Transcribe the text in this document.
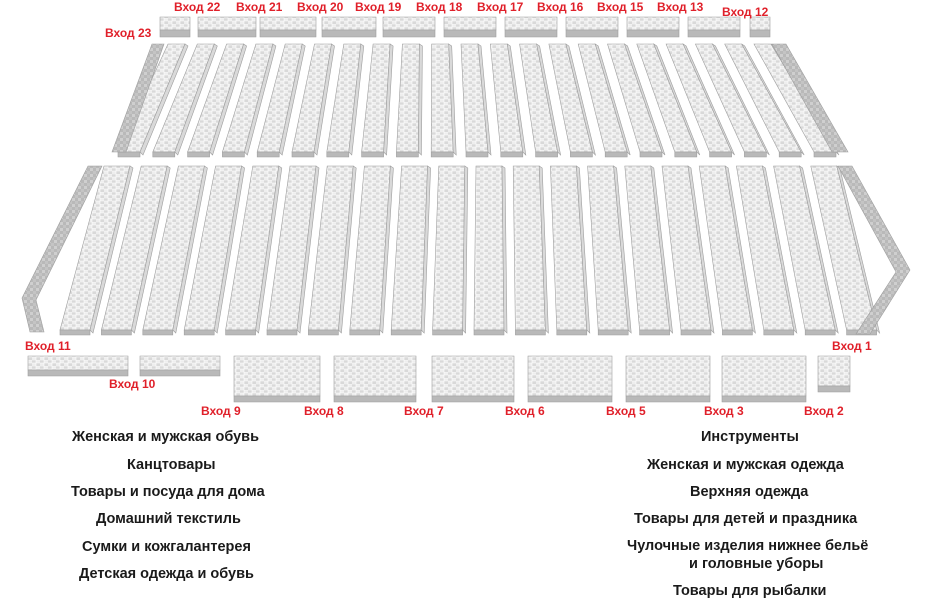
Вход 23
Вход 22 Вход 21 Вход 20 Вход 19 Вход 18 Вход 17 Вход 16 Вход 15 Вход 13 Вход 12
Вход 11
Вход 10
Вход 9	Вход 8	Вход 7	Вход 6	Вход 5	Вход 3	Вход 2
Вход 1
Женская и мужская обувь
Канцтовары
Товары и посуда для дома
Домашний текстиль
Сумки и кожгалантерея
Детская одежда и обувь
Инструменты
Женская и мужская одежда
Верхняя одежда
Товары для детей и праздника
Чулочные изделия нижнее бельё
и головные уборы
Товары для рыбалки
